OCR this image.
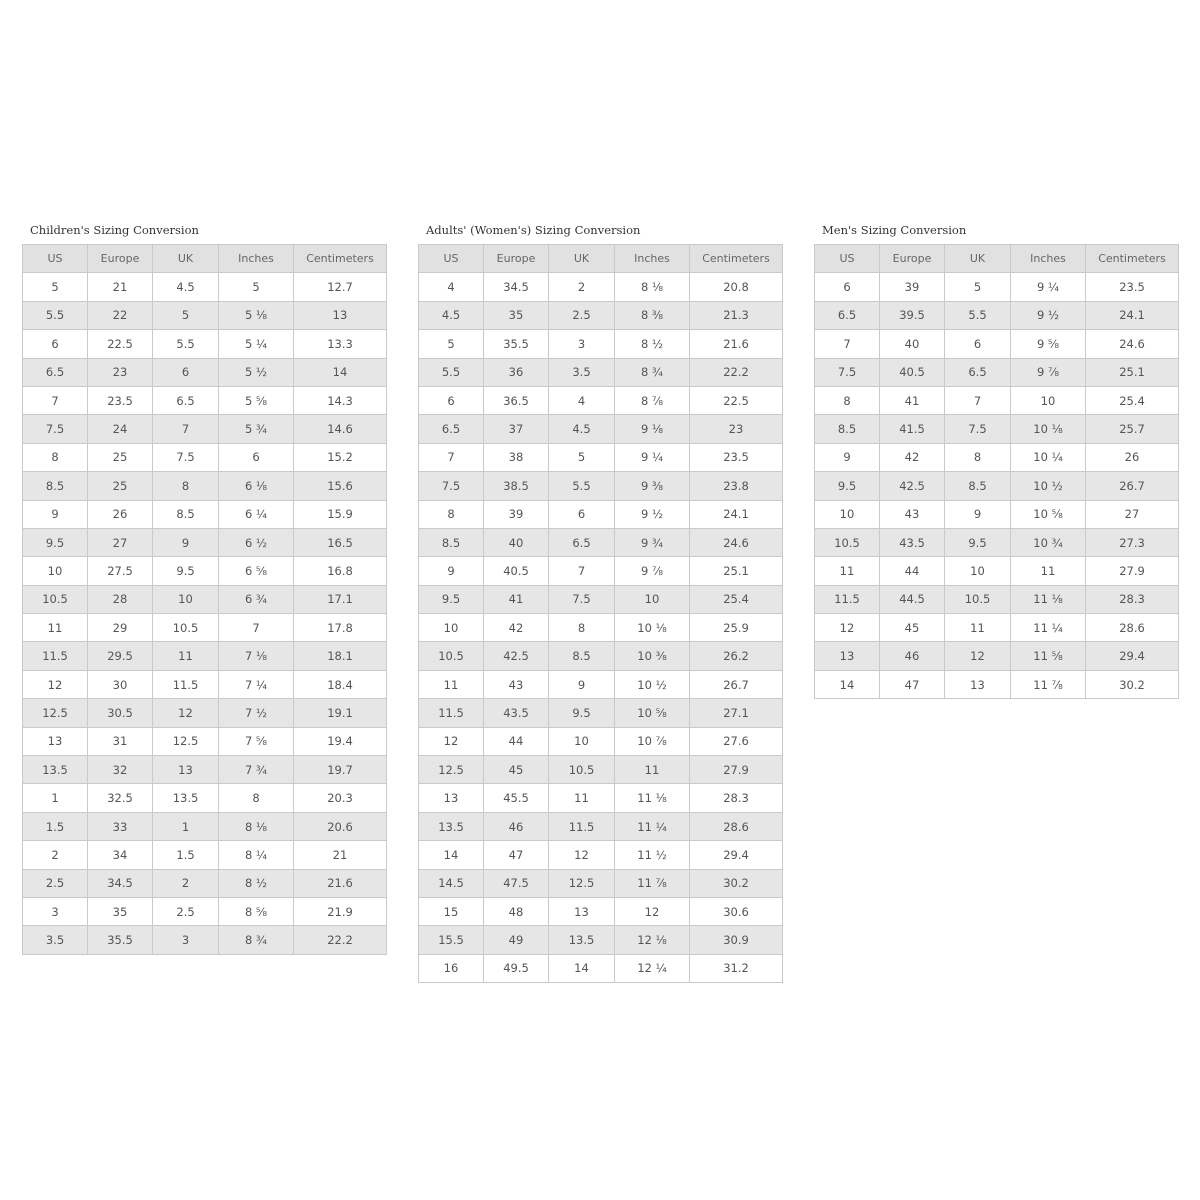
Children's Sizing Conversion
US	Europe	UK	Inches	Centimeters
5	21	4.5	5	12.7
5.5	22	5	5 ⅛	13
6	22.5	5.5	5 ¼	13.3
6.5	23	6	5 ½	14
7	23.5	6.5	5 ⅝	14.3
7.5	24	7	5 ¾	14.6
8	25	7.5	6	15.2
8.5	25	8	6 ⅛	15.6
9	26	8.5	6 ¼	15.9
9.5	27	9	6 ½	16.5
10	27.5	9.5	6 ⅝	16.8
10.5	28	10	6 ¾	17.1
11	29	10.5	7	17.8
11.5	29.5	11	7 ⅛	18.1
12	30	11.5	7 ¼	18.4
12.5	30.5	12	7 ½	19.1
13	31	12.5	7 ⅝	19.4
13.5	32	13	7 ¾	19.7
1	32.5	13.5	8	20.3
1.5	33	1	8 ⅛	20.6
2	34	1.5	8 ¼	21
2.5	34.5	2	8 ½	21.6
3	35	2.5	8 ⅝	21.9
3.5	35.5	3	8 ¾	22.2
Adults' (Women's) Sizing Conversion
US	Europe	UK	Inches	Centimeters
4	34.5	2	8 ⅛	20.8
4.5	35	2.5	8 ⅜	21.3
5	35.5	3	8 ½	21.6
5.5	36	3.5	8 ¾	22.2
6	36.5	4	8 ⅞	22.5
6.5	37	4.5	9 ⅛	23
7	38	5	9 ¼	23.5
7.5	38.5	5.5	9 ⅜	23.8
8	39	6	9 ½	24.1
8.5	40	6.5	9 ¾	24.6
9	40.5	7	9 ⅞	25.1
9.5	41	7.5	10	25.4
10	42	8	10 ⅛	25.9
10.5	42.5	8.5	10 ⅜	26.2
11	43	9	10 ½	26.7
11.5	43.5	9.5	10 ⅝	27.1
12	44	10	10 ⅞	27.6
12.5	45	10.5	11	27.9
13	45.5	11	11 ⅛	28.3
13.5	46	11.5	11 ¼	28.6
14	47	12	11 ½	29.4
14.5	47.5	12.5	11 ⅞	30.2
15	48	13	12	30.6
15.5	49	13.5	12 ⅛	30.9
16	49.5	14	12 ¼	31.2
Men's Sizing Conversion
US	Europe	UK	Inches	Centimeters
6	39	5	9 ¼	23.5
6.5	39.5	5.5	9 ½	24.1
7	40	6	9 ⅝	24.6
7.5	40.5	6.5	9 ⅞	25.1
8	41	7	10	25.4
8.5	41.5	7.5	10 ⅛	25.7
9	42	8	10 ¼	26
9.5	42.5	8.5	10 ½	26.7
10	43	9	10 ⅝	27
10.5	43.5	9.5	10 ¾	27.3
11	44	10	11	27.9
11.5	44.5	10.5	11 ⅛	28.3
12	45	11	11 ¼	28.6
13	46	12	11 ⅝	29.4
14	47	13	11 ⅞	30.2
